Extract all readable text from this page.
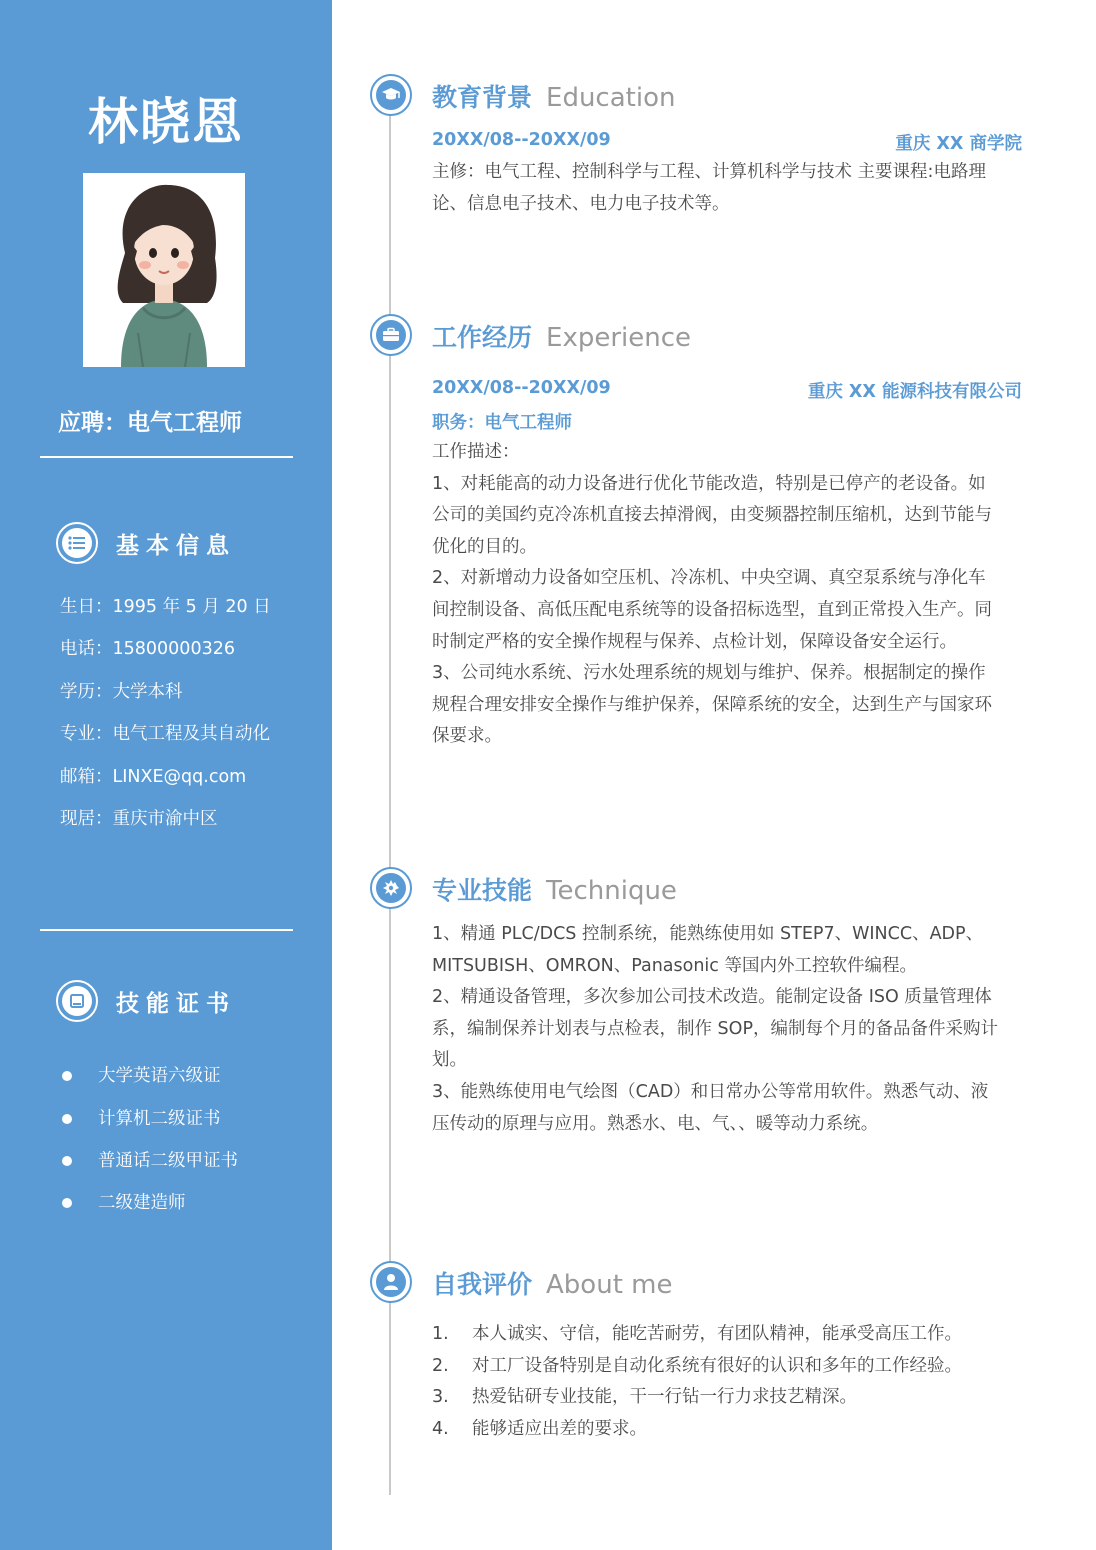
林晓恩
应聘：电气工程师
基本信息
生日：1995 年 5 月 20 日
电话：15800000326
学历：大学本科
专业：电气工程及其自动化
邮箱：LINXE@qq.com
现居：重庆市渝中区
技能证书
大学英语六级证
计算机二级证书
普通话二级甲证书
二级建造师
教育背景 Education
20XX/08--20XX/09	重庆 XX 商学院
主修：电气工程、控制科学与工程、计算机科学与技术 主要课程:电路理
论、信息电子技术、电力电子技术等。
工作经历 Experience
20XX/08--20XX/09	重庆 XX 能源科技有限公司
职务：电气工程师
工作描述：
1、对耗能高的动力设备进行优化节能改造，特别是已停产的老设备。如
公司的美国约克冷冻机直接去掉滑阀，由变频器控制压缩机，达到节能与
优化的目的。
2、对新增动力设备如空压机、冷冻机、中央空调、真空泵系统与净化车
间控制设备、高低压配电系统等的设备招标选型，直到正常投入生产。同
时制定严格的安全操作规程与保养、点检计划，保障设备安全运行。
3、公司纯水系统、污水处理系统的规划与维护、保养。根据制定的操作
规程合理安排安全操作与维护保养，保障系统的安全，达到生产与国家环
保要求。
专业技能 Technique
1、精通 PLC/DCS 控制系统，能熟练使用如 STEP7、WINCC、ADP、
MITSUBISH、OMRON、Panasonic 等国内外工控软件编程。
2、精通设备管理，多次参加公司技术改造。能制定设备 ISO 质量管理体
系，编制保养计划表与点检表，制作 SOP，编制每个月的备品备件采购计
划。
3、能熟练使用电气绘图（CAD）和日常办公等常用软件。熟悉气动、液
压传动的原理与应用。熟悉水、电、气、、暖等动力系统。
自我评价 About me
1.	本人诚实、守信，能吃苦耐劳，有团队精神，能承受高压工作。
2.	对工厂设备特别是自动化系统有很好的认识和多年的工作经验。
3.	热爱钻研专业技能，干一行钻一行力求技艺精深。
4.	能够适应出差的要求。
